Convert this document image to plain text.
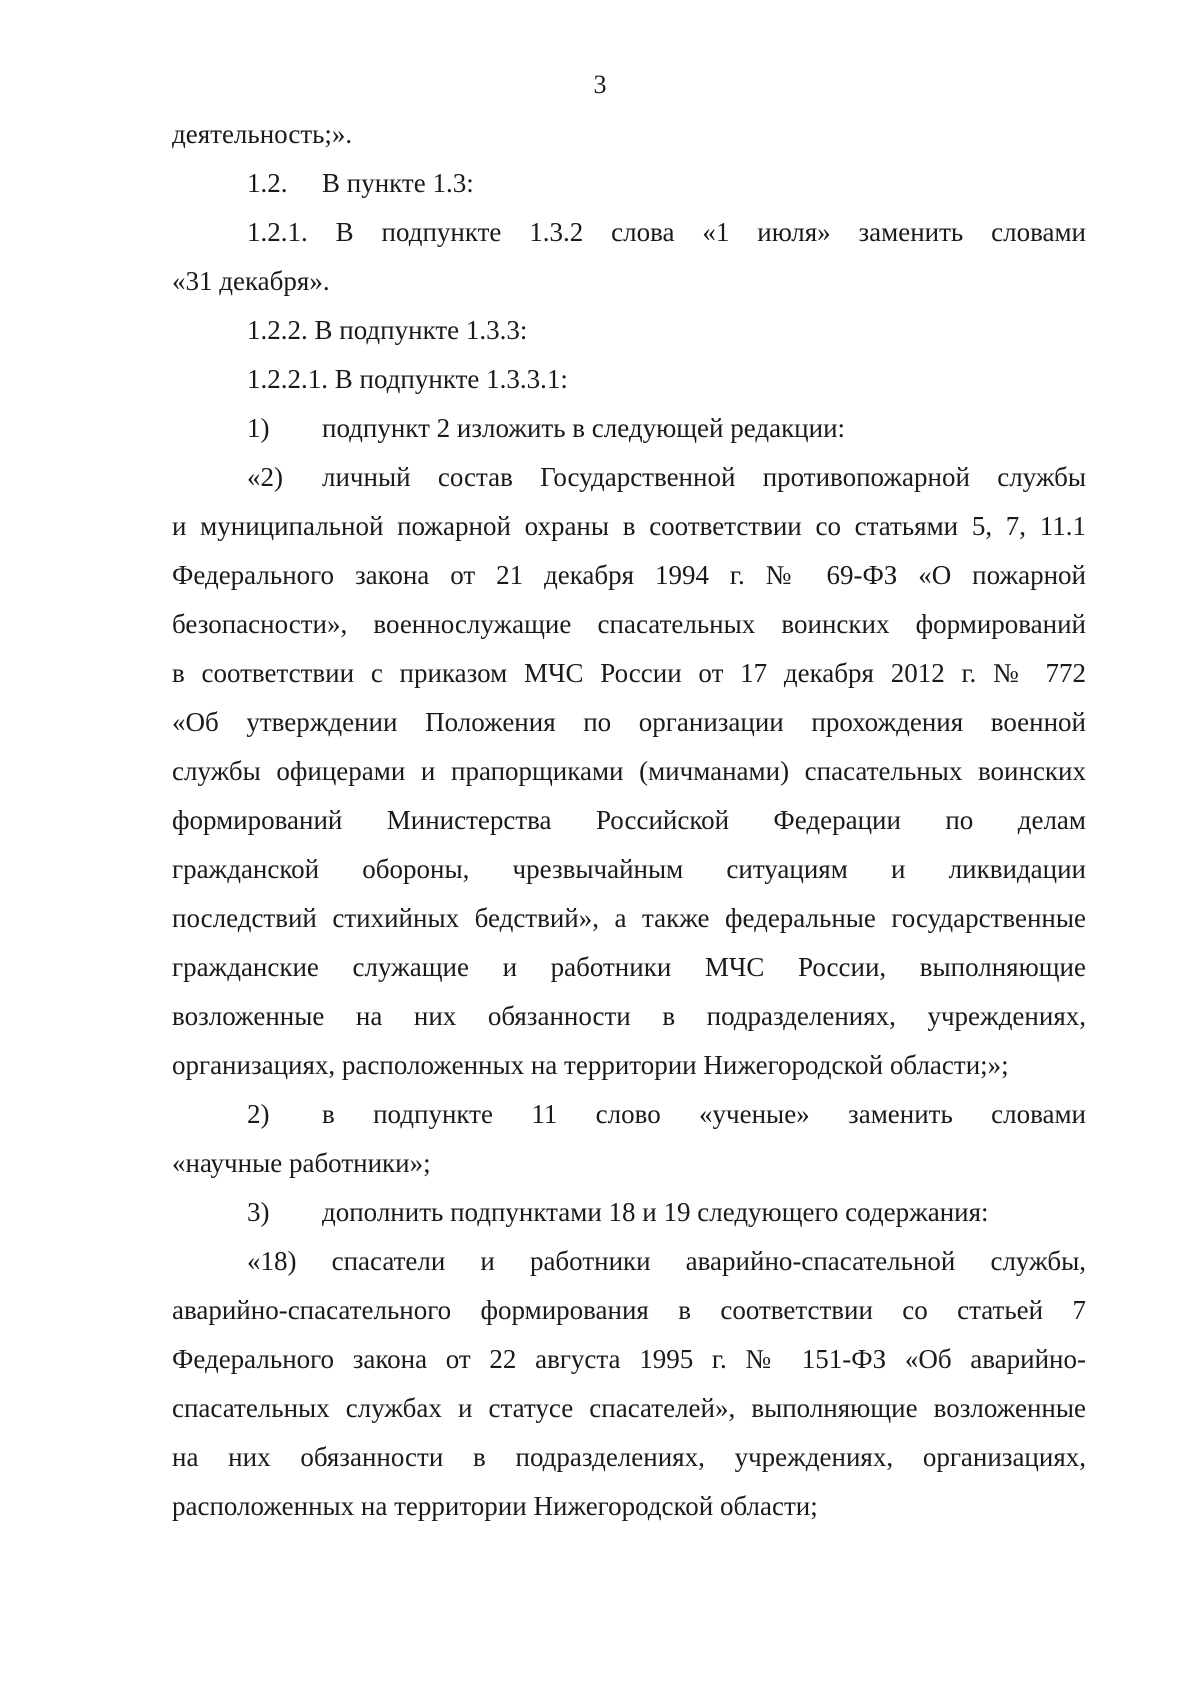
3
деятельность;».
1.2. В пункте 1.3:
1.2.1. В подпункте 1.3.2 слова «1 июля» заменить словами
«31 декабря».
1.2.2. В подпункте 1.3.3:
1.2.2.1. В подпункте 1.3.3.1:
1) подпункт 2 изложить в следующей редакции:
«2)	личный состав Государственной противопожарной службы
и муниципальной пожарной охраны в соответствии со статьями 5, 7, 11.1
Федерального закона от 21 декабря 1994 г. № 69-ФЗ «О пожарной
безопасности», военнослужащие спасательных воинских формирований
в соответствии с приказом МЧС России от 17 декабря 2012 г. № 772
«Об утверждении Положения по организации прохождения военной
службы офицерами и прапорщиками (мичманами) спасательных воинских
формирований Министерства Российской Федерации по делам
гражданской обороны, чрезвычайным ситуациям и ликвидации
последствий стихийных бедствий», а также федеральные государственные
гражданские служащие и работники МЧС России, выполняющие
возложенные на них обязанности в подразделениях, учреждениях,
организациях, расположенных на территории Нижегородской области;»;
2)	в подпункте 11 слово «ученые» заменить словами
«научные работники»;
3) дополнить подпунктами 18 и 19 следующего содержания:
«18) спасатели и работники аварийно-спасательной службы,
аварийно-спасательного формирования в соответствии со статьей 7
Федерального закона от 22 августа 1995 г. № 151-ФЗ «Об аварийно-
спасательных службах и статусе спасателей», выполняющие возложенные
на них обязанности в подразделениях, учреждениях, организациях,
расположенных на территории Нижегородской области;
